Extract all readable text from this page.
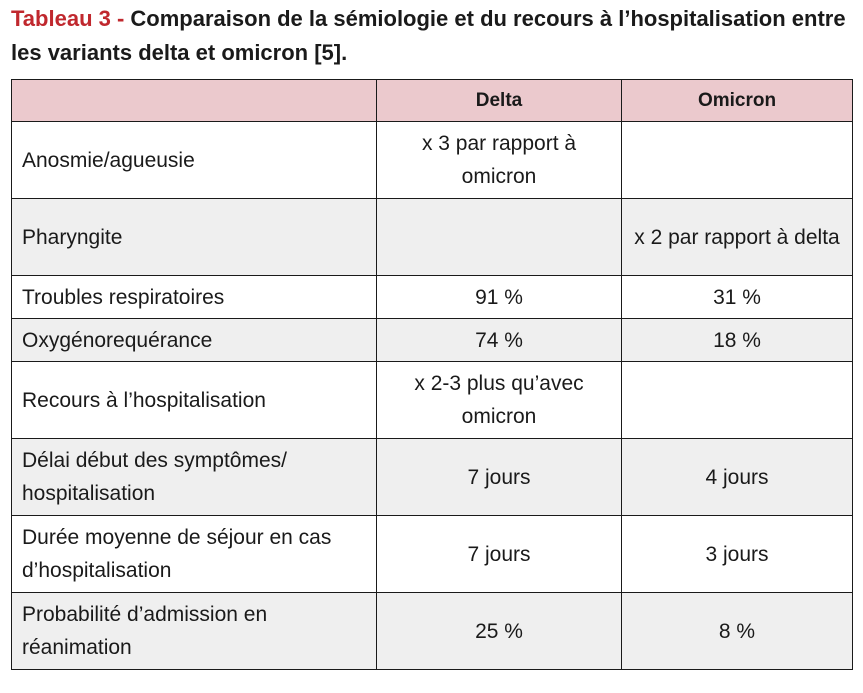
Tableau 3 - Comparaison de la sémiologie et du recours à l’hospitalisation entre les variants delta et omicron [5].
	Delta	Omicron
Anosmie/agueusie	x 3 par rapport à omicron	
Pharyngite		x 2 par rapport à delta
Troubles respiratoires	91 %	31 %
Oxygénorequérance	74 %	18 %
Recours à l’hospitalisation	x 2-3 plus qu’avec omicron	
Délai début des symptômes/ hospitalisation	7 jours	4 jours
Durée moyenne de séjour en cas d’hospitalisation	7 jours	3 jours
Probabilité d’admission en réanimation	25 %	8 %
